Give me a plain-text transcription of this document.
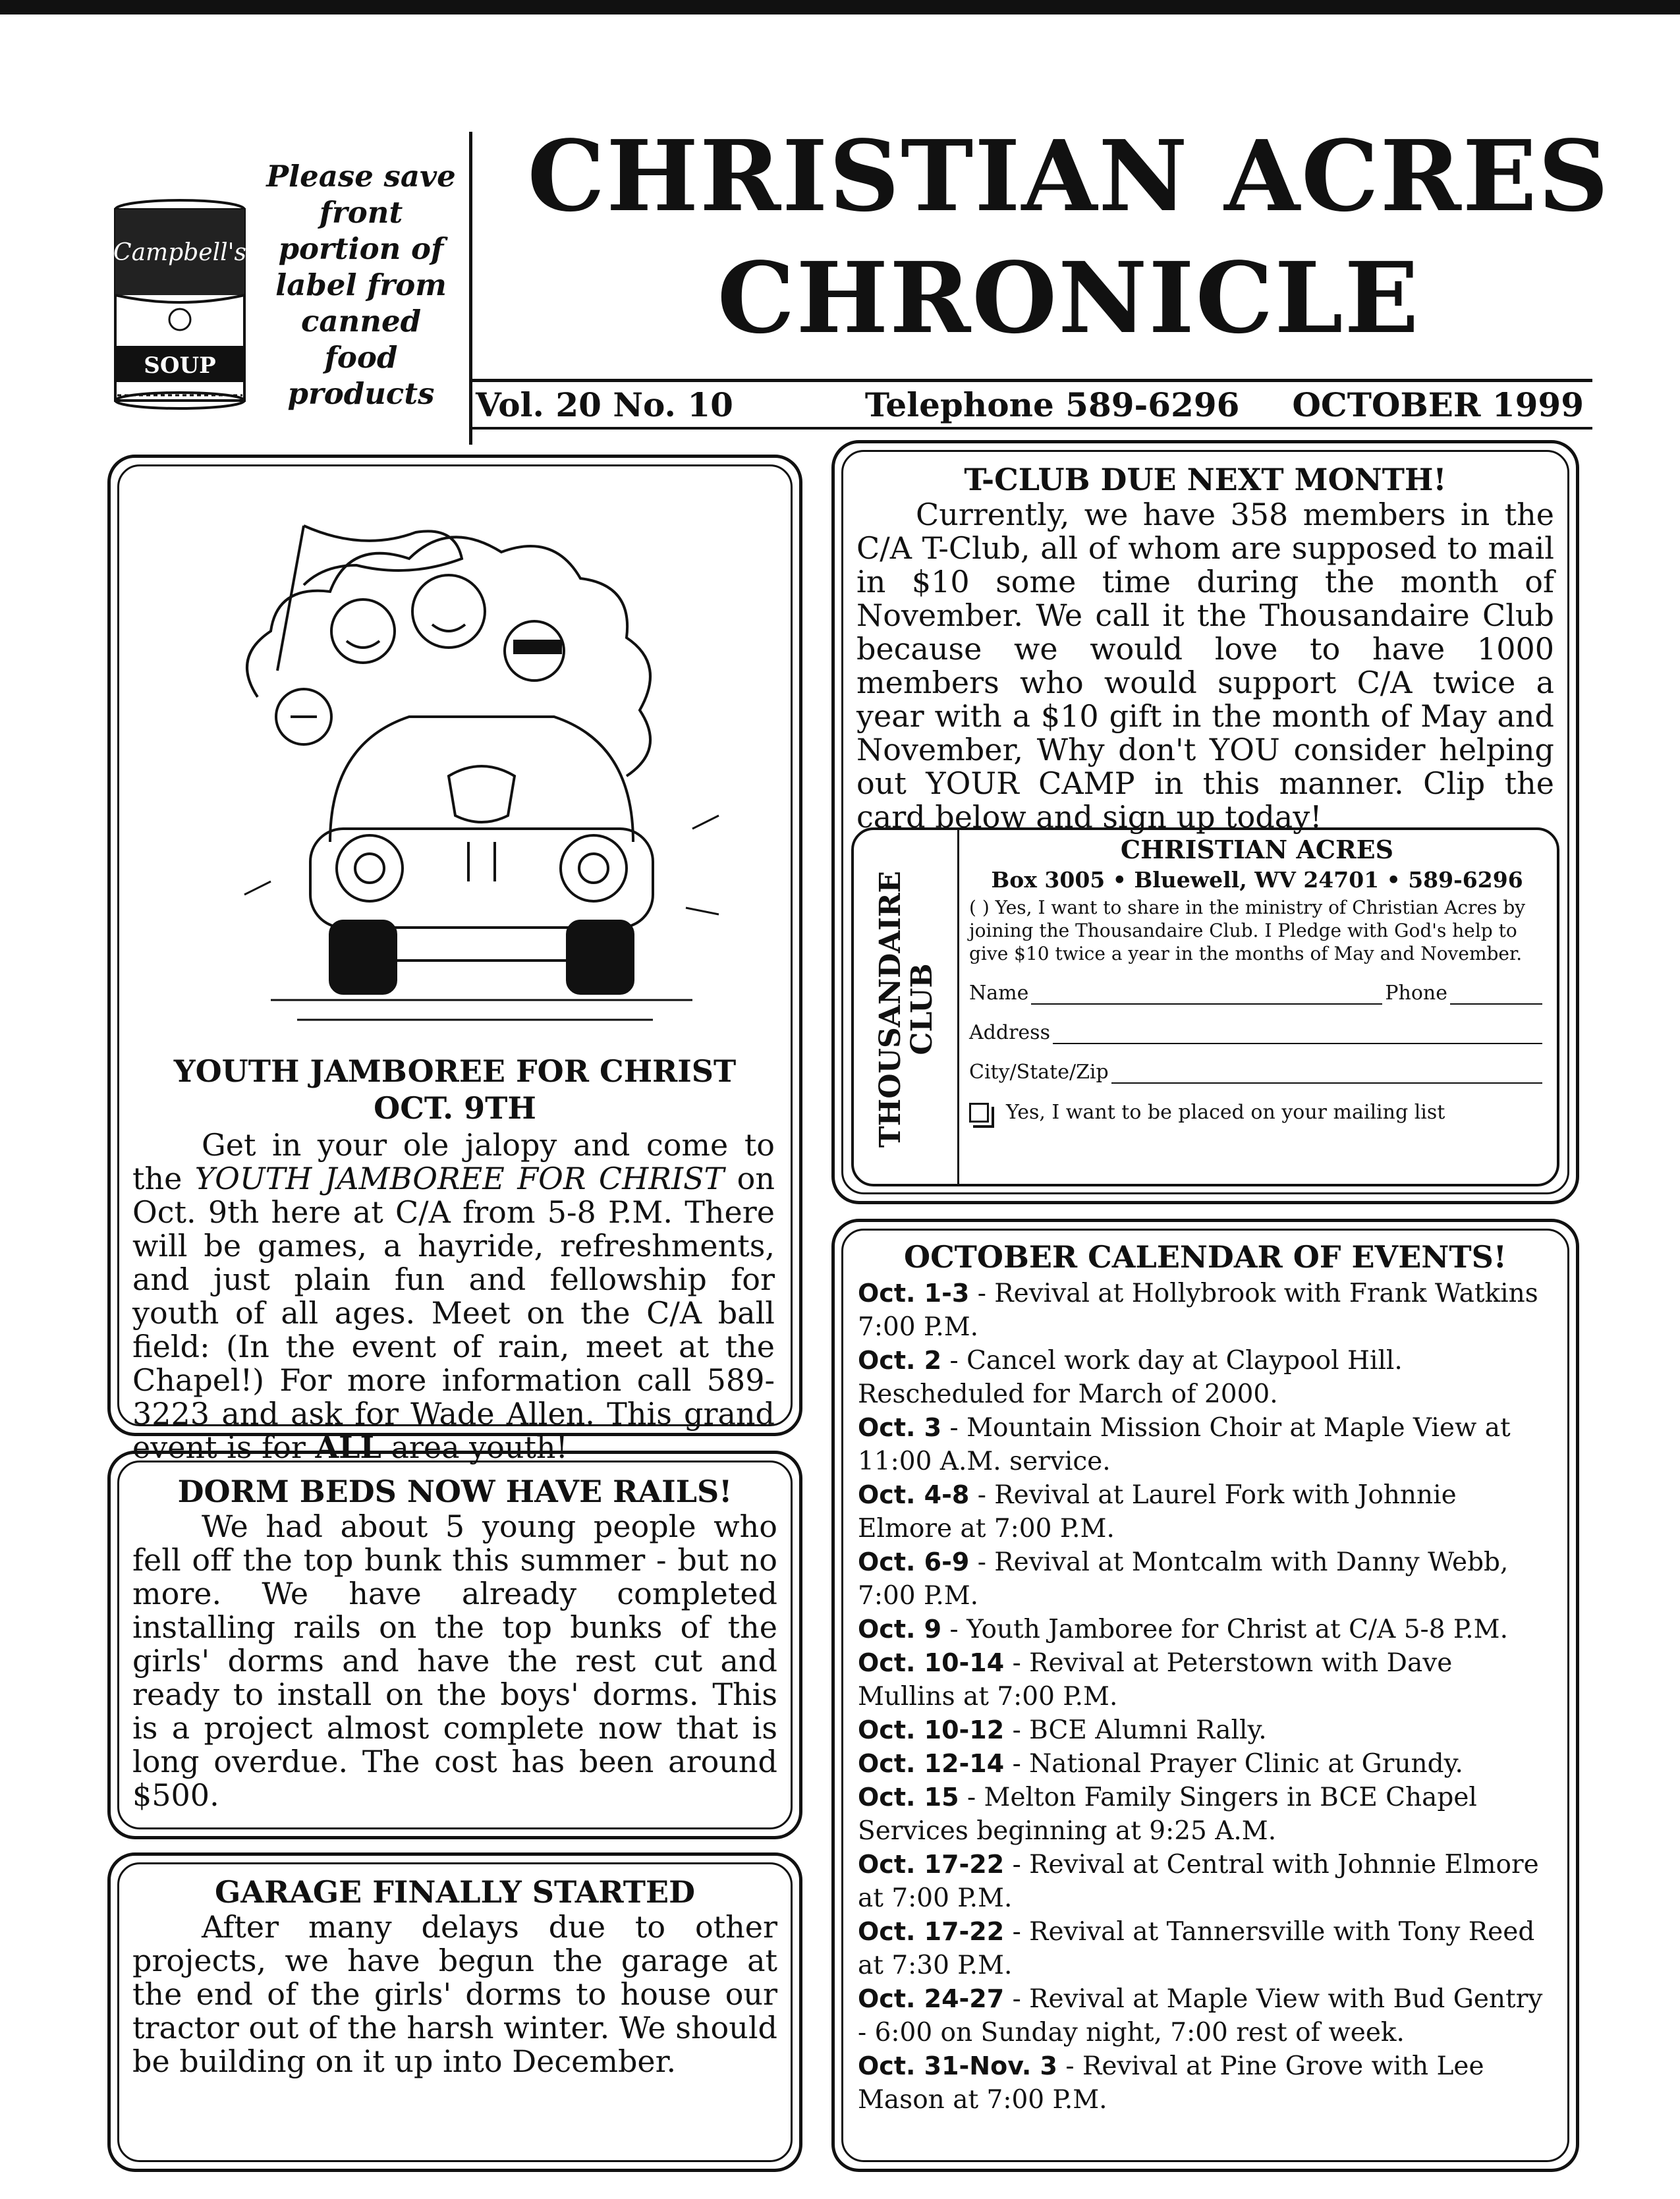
SOUP
Campbell's
Please save
front
portion of
label from
canned
food
products
CHRISTIAN ACRES
CHRONICLE
Vol. 20 No. 10	Telephone 589-6296 OCTOBER 1999
YOUTH JAMBOREE FOR CHRIST
OCT. 9TH

Get in your ole jalopy and come to the YOUTH JAMBOREE FOR CHRIST on Oct. 9th here at C/A from 5-8 P.M. There will be games, a hayride, refreshments, and just plain fun and fellowship for youth of all ages. Meet on the C/A ball field: (In the event of rain, meet at the Chapel!) For more information call 589-3223 and ask for Wade Allen. This grand event is for ALL area youth!

DORM BEDS NOW HAVE RAILS!

We had about 5 young people who fell off the top bunk this summer - but no more. We have already completed installing rails on the top bunks of the girls' dorms and have the rest cut and ready to install on the boys' dorms. This is a project almost complete now that is long overdue. The cost has been around $500.

GARAGE FINALLY STARTED

After many delays due to other projects, we have begun the garage at the end of the girls' dorms to house our tractor out of the harsh winter. We should be building on it up into December.

T-CLUB DUE NEXT MONTH!

Currently, we have 358 members in the C/A T-Club, all of whom are supposed to mail in $10 some time during the month of November. We call it the Thousandaire Club because we would love to have 1000 members who would support C/A twice a year with a $10 gift in the month of May and November, Why don't YOU consider helping out YOUR CAMP in this manner. Clip the card below and sign up today!

THOUSANDAIRE
CLUB
CHRISTIAN ACRES
Box 3005 • Bluewell, WV 24701 • 589-6296
( ) Yes, I want to share in the ministry of Christian Acres by joining the Thousandaire Club. I Pledge with God's help to give $10 twice a year in the months of May and November.
Name	Phone
Address
City/State/Zip
Yes, I want to be placed on your mailing list
OCTOBER CALENDAR OF EVENTS!

Oct. 1-3 - Revival at Hollybrook with Frank Watkins 7:00 P.M.

Oct. 2 - Cancel work day at Claypool Hill. Rescheduled for March of 2000.

Oct. 3 - Mountain Mission Choir at Maple View at 11:00 A.M. service.

Oct. 4-8 - Revival at Laurel Fork with Johnnie Elmore at 7:00 P.M.

Oct. 6-9 - Revival at Montcalm with Danny Webb, 7:00 P.M.

Oct. 9 - Youth Jamboree for Christ at C/A 5-8 P.M.

Oct. 10-14 - Revival at Peterstown with Dave Mullins at 7:00 P.M.

Oct. 10-12 - BCE Alumni Rally.

Oct. 12-14 - National Prayer Clinic at Grundy.

Oct. 15 - Melton Family Singers in BCE Chapel Services beginning at 9:25 A.M.

Oct. 17-22 - Revival at Central with Johnnie Elmore at 7:00 P.M.

Oct. 17-22 - Revival at Tannersville with Tony Reed at 7:30 P.M.

Oct. 24-27 - Revival at Maple View with Bud Gentry - 6:00 on Sunday night, 7:00 rest of week.

Oct. 31-Nov. 3 - Revival at Pine Grove with Lee Mason at 7:00 P.M.
